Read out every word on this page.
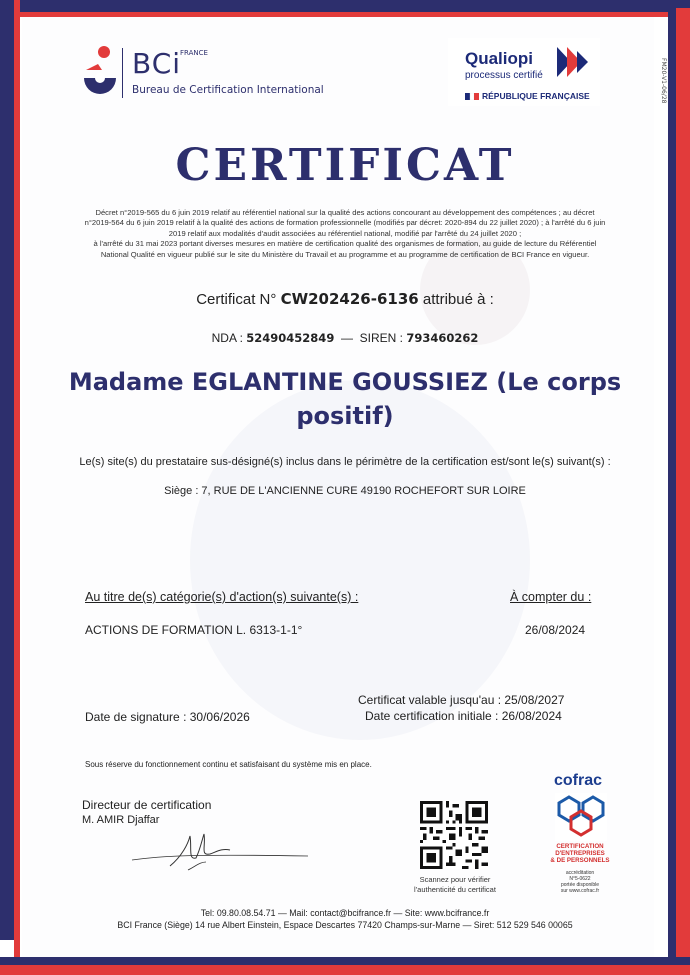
BCi
FRANCE
Bureau de Certification International
Qualiopi
processus certifié
RÉPUBLIQUE FRANÇAISE	FM20-V1-06/28
CERTIFICAT
Décret n°2019-565 du 6 juin 2019 relatif au référentiel national sur la qualité des actions concourant au développement des compétences ; au décret
n°2019-564 du 6 juin 2019 relatif à la qualité des actions de formation professionnelle (modifiés par décret: 2020-894 du 22 juillet 2020) ; à l'arrêté du 6 juin
2019 relatif aux modalités d'audit associées au référentiel national, modifié par l'arrêté du 24 juillet 2020 ;
à l'arrêté du 31 mai 2023 portant diverses mesures en matière de certification qualité des organismes de formation, au guide de lecture du Référentiel
National Qualité en vigueur publié sur le site du Ministère du Travail et au programme et au programme de certification de BCI France en vigueur.
Certificat N° CW202426-6136 attribué à :
NDA : 52490452849 — SIREN : 793460262
Madame EGLANTINE GOUSSIEZ (Le corps positif)
Le(s) site(s) du prestataire sus-désigné(s) inclus dans le périmètre de la certification est/sont le(s) suivant(s) :
Siège : 7, RUE DE L'ANCIENNE CURE 49190 ROCHEFORT SUR LOIRE
Au titre de(s) catégorie(s) d'action(s) suivante(s) :	À compter du :
ACTIONS DE FORMATION L. 6313-1-1°	26/08/2024
Certificat valable jusqu'au : 25/08/2027
Date certification initiale : 26/08/2024
Date de signature : 30/06/2026
Sous réserve du fonctionnement continu et satisfaisant du système mis en place.
Directeur de certification
M. AMIR Djaffar
Scannez pour vérifier
l'authenticité du certificat
cofrac
CERTIFICATION
D'ENTREPRISES
& DE PERSONNELS
accréditation
N°5-0622
portée disponible
sur www.cofrac.fr
Tel: 09.80.08.54.71 — Mail: contact@bcifrance.fr — Site: www.bcifrance.fr
BCI France (Siège) 14 rue Albert Einstein, Espace Descartes 77420 Champs-sur-Marne — Siret: 512 529 546 00065
